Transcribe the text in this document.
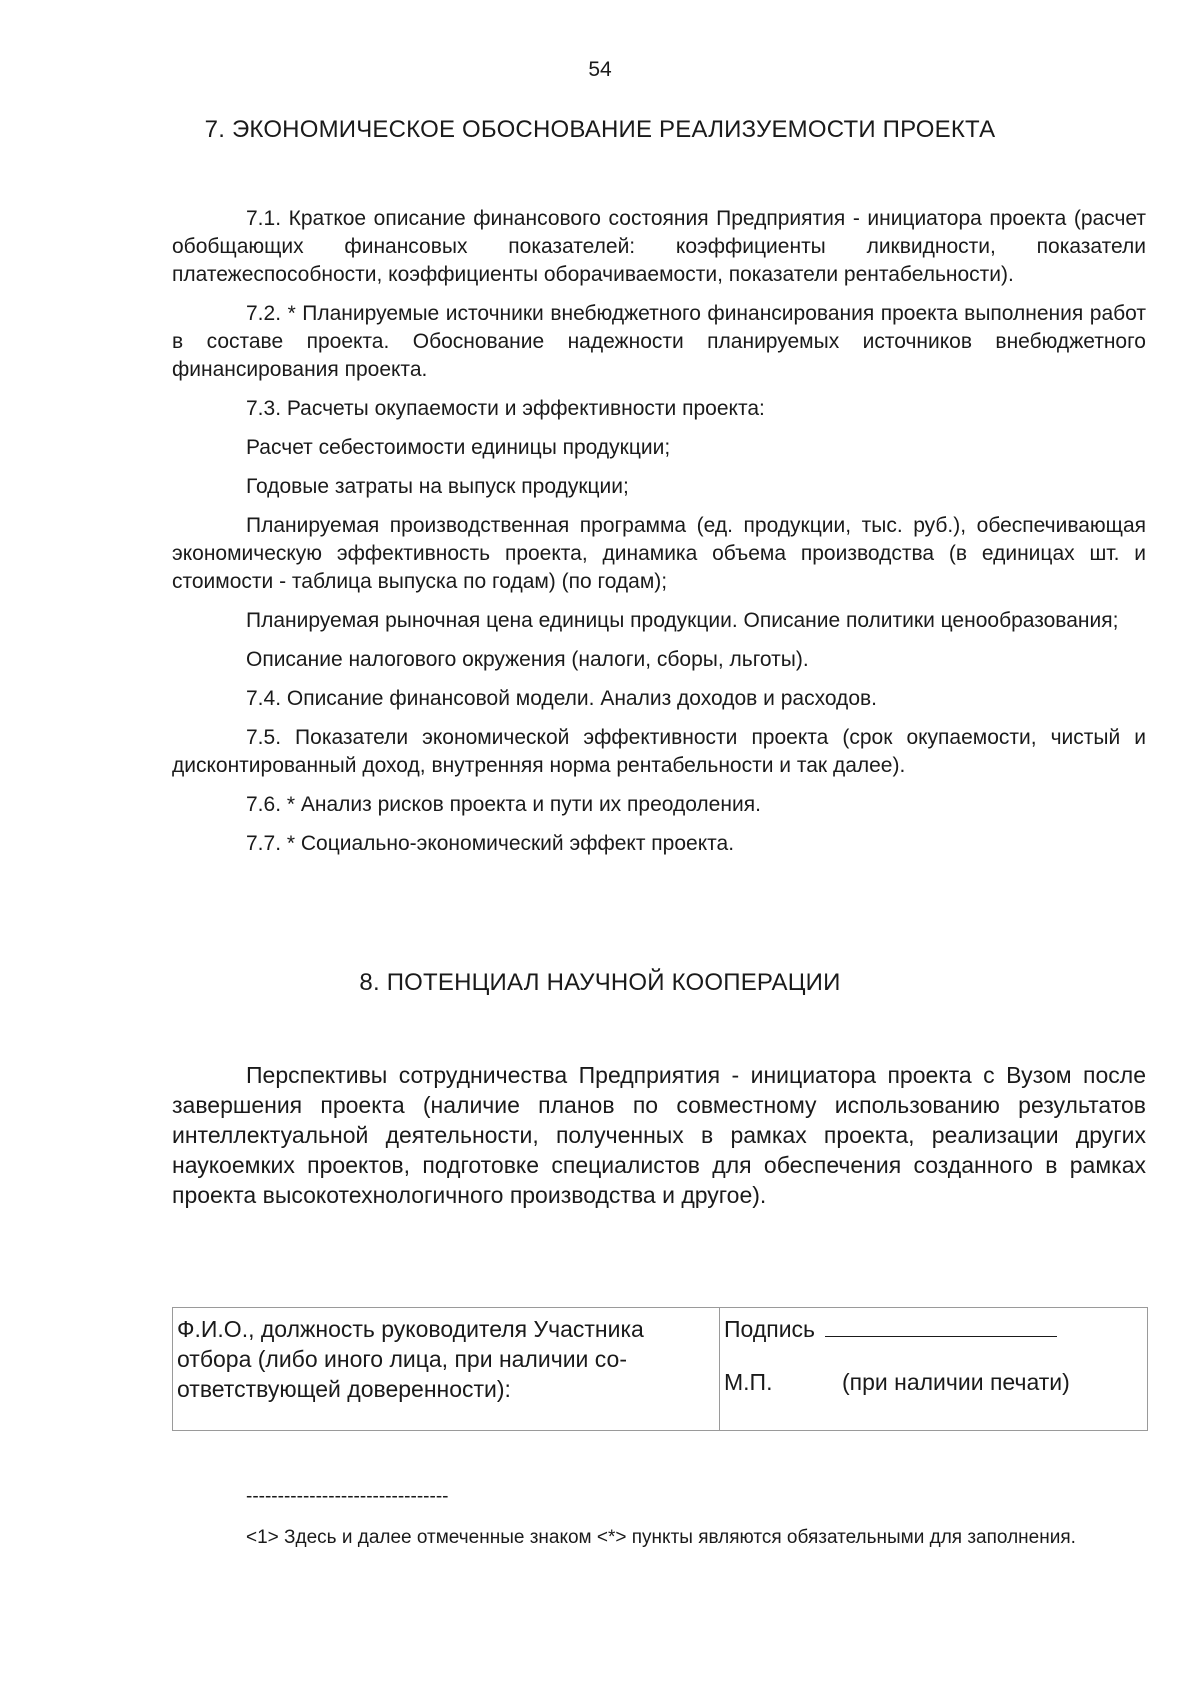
54

7. ЭКОНОМИЧЕСКОЕ ОБОСНОВАНИЕ РЕАЛИЗУЕМОСТИ ПРОЕКТА

7.1. Краткое описание финансового состояния Предприятия - инициатора проекта (расчет обобщающих финансовых показателей: коэффициенты ликвидности, показатели платежеспособности, коэффициенты оборачиваемости, показатели рентабельности).

7.2. * Планируемые источники внебюджетного финансирования проекта выполнения работ в составе проекта. Обоснование надежности планируемых источников внебюджетного финансирования проекта.

7.3. Расчеты окупаемости и эффективности проекта:

Расчет себестоимости единицы продукции;

Годовые затраты на выпуск продукции;

Планируемая производственная программа (ед. продукции, тыс. руб.), обеспечивающая экономическую эффективность проекта, динамика объема производства (в единицах шт. и стоимости - таблица выпуска по годам) (по годам);

Планируемая рыночная цена единицы продукции. Описание политики ценообразования;

Описание налогового окружения (налоги, сборы, льготы).

7.4. Описание финансовой модели. Анализ доходов и расходов.

7.5. Показатели экономической эффективности проекта (срок окупаемости, чистый и дисконтированный доход, внутренняя норма рентабельности и так далее).

7.6. * Анализ рисков проекта и пути их преодоления.

7.7. * Социально-экономический эффект проекта.

8. ПОТЕНЦИАЛ НАУЧНОЙ КООПЕРАЦИИ

Перспективы сотрудничества Предприятия - инициатора проекта с Вузом после завершения проекта (наличие планов по совместному использованию результатов интеллектуальной деятельности, полученных в рамках проекта, реализации других наукоемких проектов, подготовке специалистов для обеспечения созданного в рамках проекта высокотехнологичного производства и другое).

Ф.И.О., должность руководителя Участника отбора (либо иного лица, при наличии со- ответствующей доверенности):	
Подпись
М.П.	(при наличии печати)

--------------------------------

<1> Здесь и далее отмеченные знаком <*> пункты являются обязательными для заполнения.
